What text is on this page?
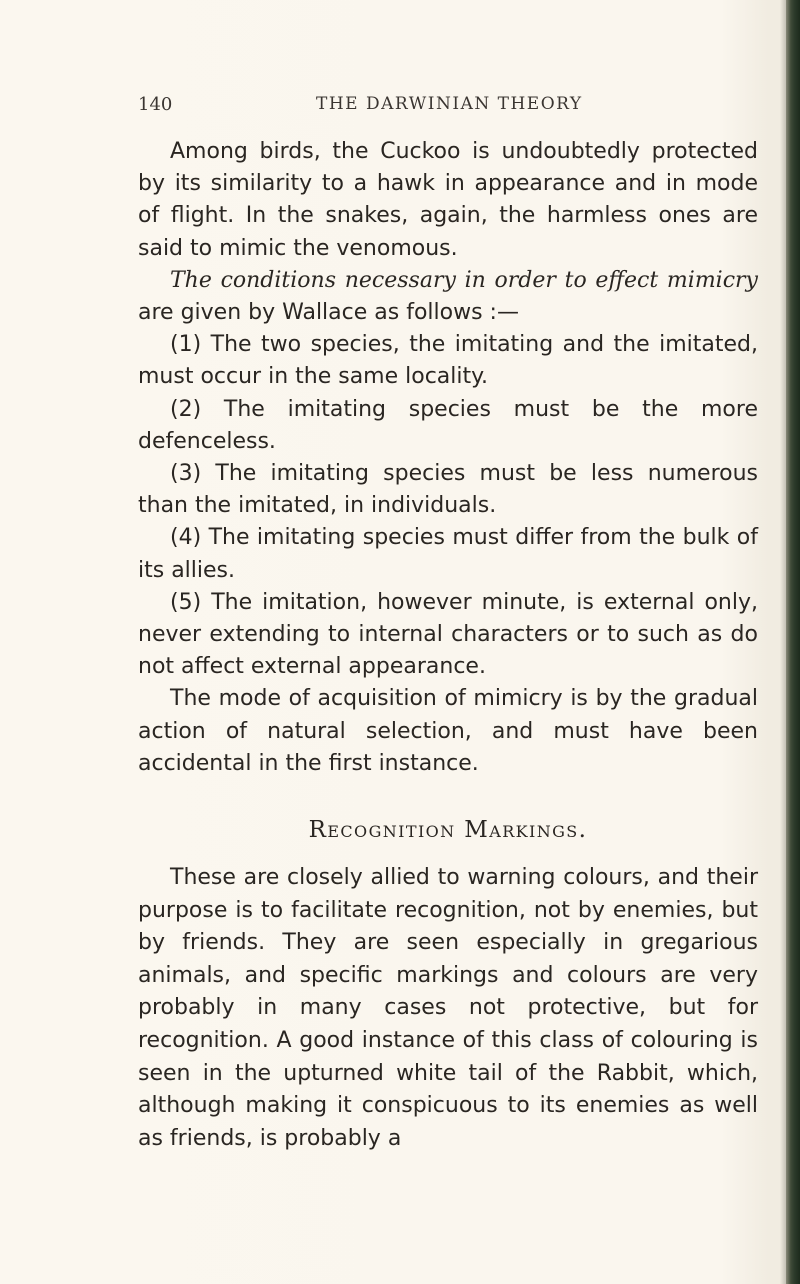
140	THE DARWINIAN THEORY

Among birds, the Cuckoo is undoubtedly protected by its similarity to a hawk in appearance and in mode of flight. In the snakes, again, the harmless ones are said to mimic the venomous.

The conditions necessary in order to effect mimicry are given by Wallace as follows :—

(1) The two species, the imitating and the imitated, must occur in the same locality.

(2) The imitating species must be the more defenceless.

(3) The imitating species must be less numerous than the imitated, in individuals.

(4) The imitating species must differ from the bulk of its allies.

(5) The imitation, however minute, is external only, never extending to internal characters or to such as do not affect external appearance.

The mode of acquisition of mimicry is by the gradual action of natural selection, and must have been accidental in the first instance.

Recognition Markings.

These are closely allied to warning colours, and their purpose is to facilitate recognition, not by enemies, but by friends. They are seen especially in gregarious animals, and specific markings and colours are very probably in many cases not protective, but for recognition. A good instance of this class of colouring is seen in the upturned white tail of the Rabbit, which, although making it conspicuous to its enemies as well as friends, is probably a
